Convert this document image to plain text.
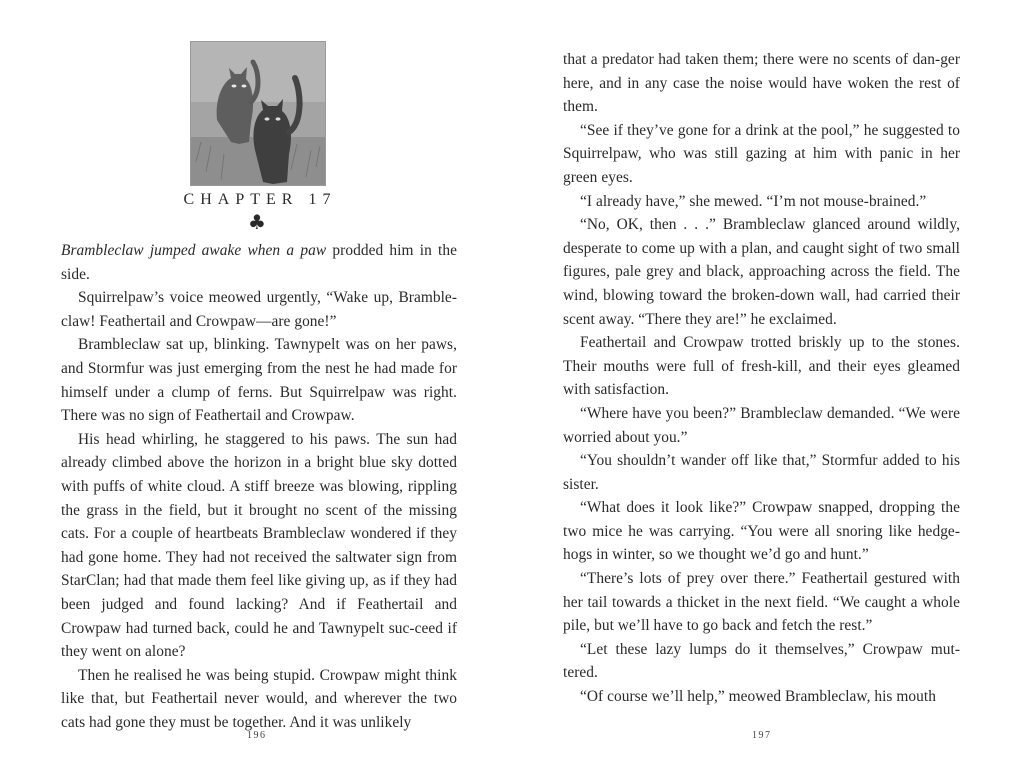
CHAPTER 17
♣

Brambleclaw jumped awake when a paw prodded him in the side.

Squirrelpaw’s voice meowed urgently, “Wake up, Bramble-claw! Feathertail and Crowpaw—are gone!”

Brambleclaw sat up, blinking. Tawnypelt was on her paws, and Stormfur was just emerging from the nest he had made for himself under a clump of ferns. But Squirrelpaw was right. There was no sign of Feathertail and Crowpaw.

His head whirling, he staggered to his paws. The sun had already climbed above the horizon in a bright blue sky dotted with puffs of white cloud. A stiff breeze was blowing, rippling the grass in the field, but it brought no scent of the missing cats. For a couple of heartbeats Brambleclaw wondered if they had gone home. They had not received the saltwater sign from StarClan; had that made them feel like giving up, as if they had been judged and found lacking? And if Feathertail and Crowpaw had turned back, could he and Tawnypelt suc-ceed if they went on alone?

Then he realised he was being stupid. Crowpaw might think like that, but Feathertail never would, and wherever the two cats had gone they must be together. And it was unlikely

196

that a predator had taken them; there were no scents of dan-ger here, and in any case the noise would have woken the rest of them.

“See if they’ve gone for a drink at the pool,” he suggested to Squirrelpaw, who was still gazing at him with panic in her green eyes.

“I already have,” she mewed. “I’m not mouse-brained.”

“No, OK, then . . .” Brambleclaw glanced around wildly, desperate to come up with a plan, and caught sight of two small figures, pale grey and black, approaching across the field. The wind, blowing toward the broken-down wall, had carried their scent away. “There they are!” he exclaimed.

Feathertail and Crowpaw trotted briskly up to the stones. Their mouths were full of fresh-kill, and their eyes gleamed with satisfaction.

“Where have you been?” Brambleclaw demanded. “We were worried about you.”

“You shouldn’t wander off like that,” Stormfur added to his sister.

“What does it look like?” Crowpaw snapped, dropping the two mice he was carrying. “You were all snoring like hedge-hogs in winter, so we thought we’d go and hunt.”

“There’s lots of prey over there.” Feathertail gestured with her tail towards a thicket in the next field. “We caught a whole pile, but we’ll have to go back and fetch the rest.”

“Let these lazy lumps do it themselves,” Crowpaw mut-tered.

“Of course we’ll help,” meowed Brambleclaw, his mouth

197
